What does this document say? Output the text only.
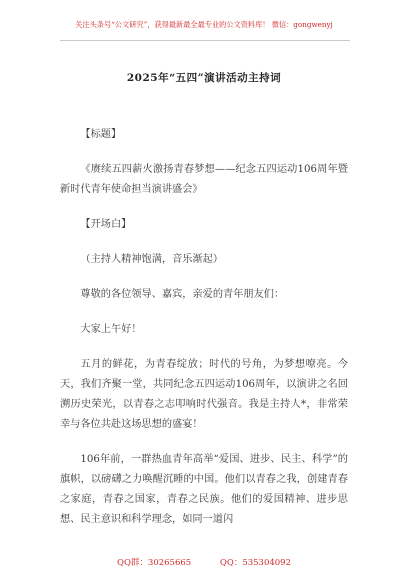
关注头条号“公文研究”，获得最新最全最专业的公文资料库！ 微信：gongwenyj
2025年“五四”演讲活动主持词

【标题】

《赓续五四薪火激扬青春梦想——纪念五四运动106周年暨新时代青年使命担当演讲盛会》

【开场白】

（主持人精神饱满，音乐渐起）

尊敬的各位领导、嘉宾，亲爱的青年朋友们：

大家上午好！

五月的鲜花，为青春绽放；时代的号角，为梦想嘹亮。今天，我们齐聚一堂，共同纪念五四运动106周年，以演讲之名回溯历史荣光，以青春之志叩响时代强音。我是主持人*，非常荣幸与各位共赴这场思想的盛宴！

106年前，一群热血青年高举“爱国、进步、民主、科学”的旗帜，以磅礴之力唤醒沉睡的中国。他们以青春之我，创建青春之家庭，青春之国家，青春之民族。他们的爱国精神、进步思想、民主意识和科学理念，如同一道闪

QQ群：30265665	QQ：535304092
